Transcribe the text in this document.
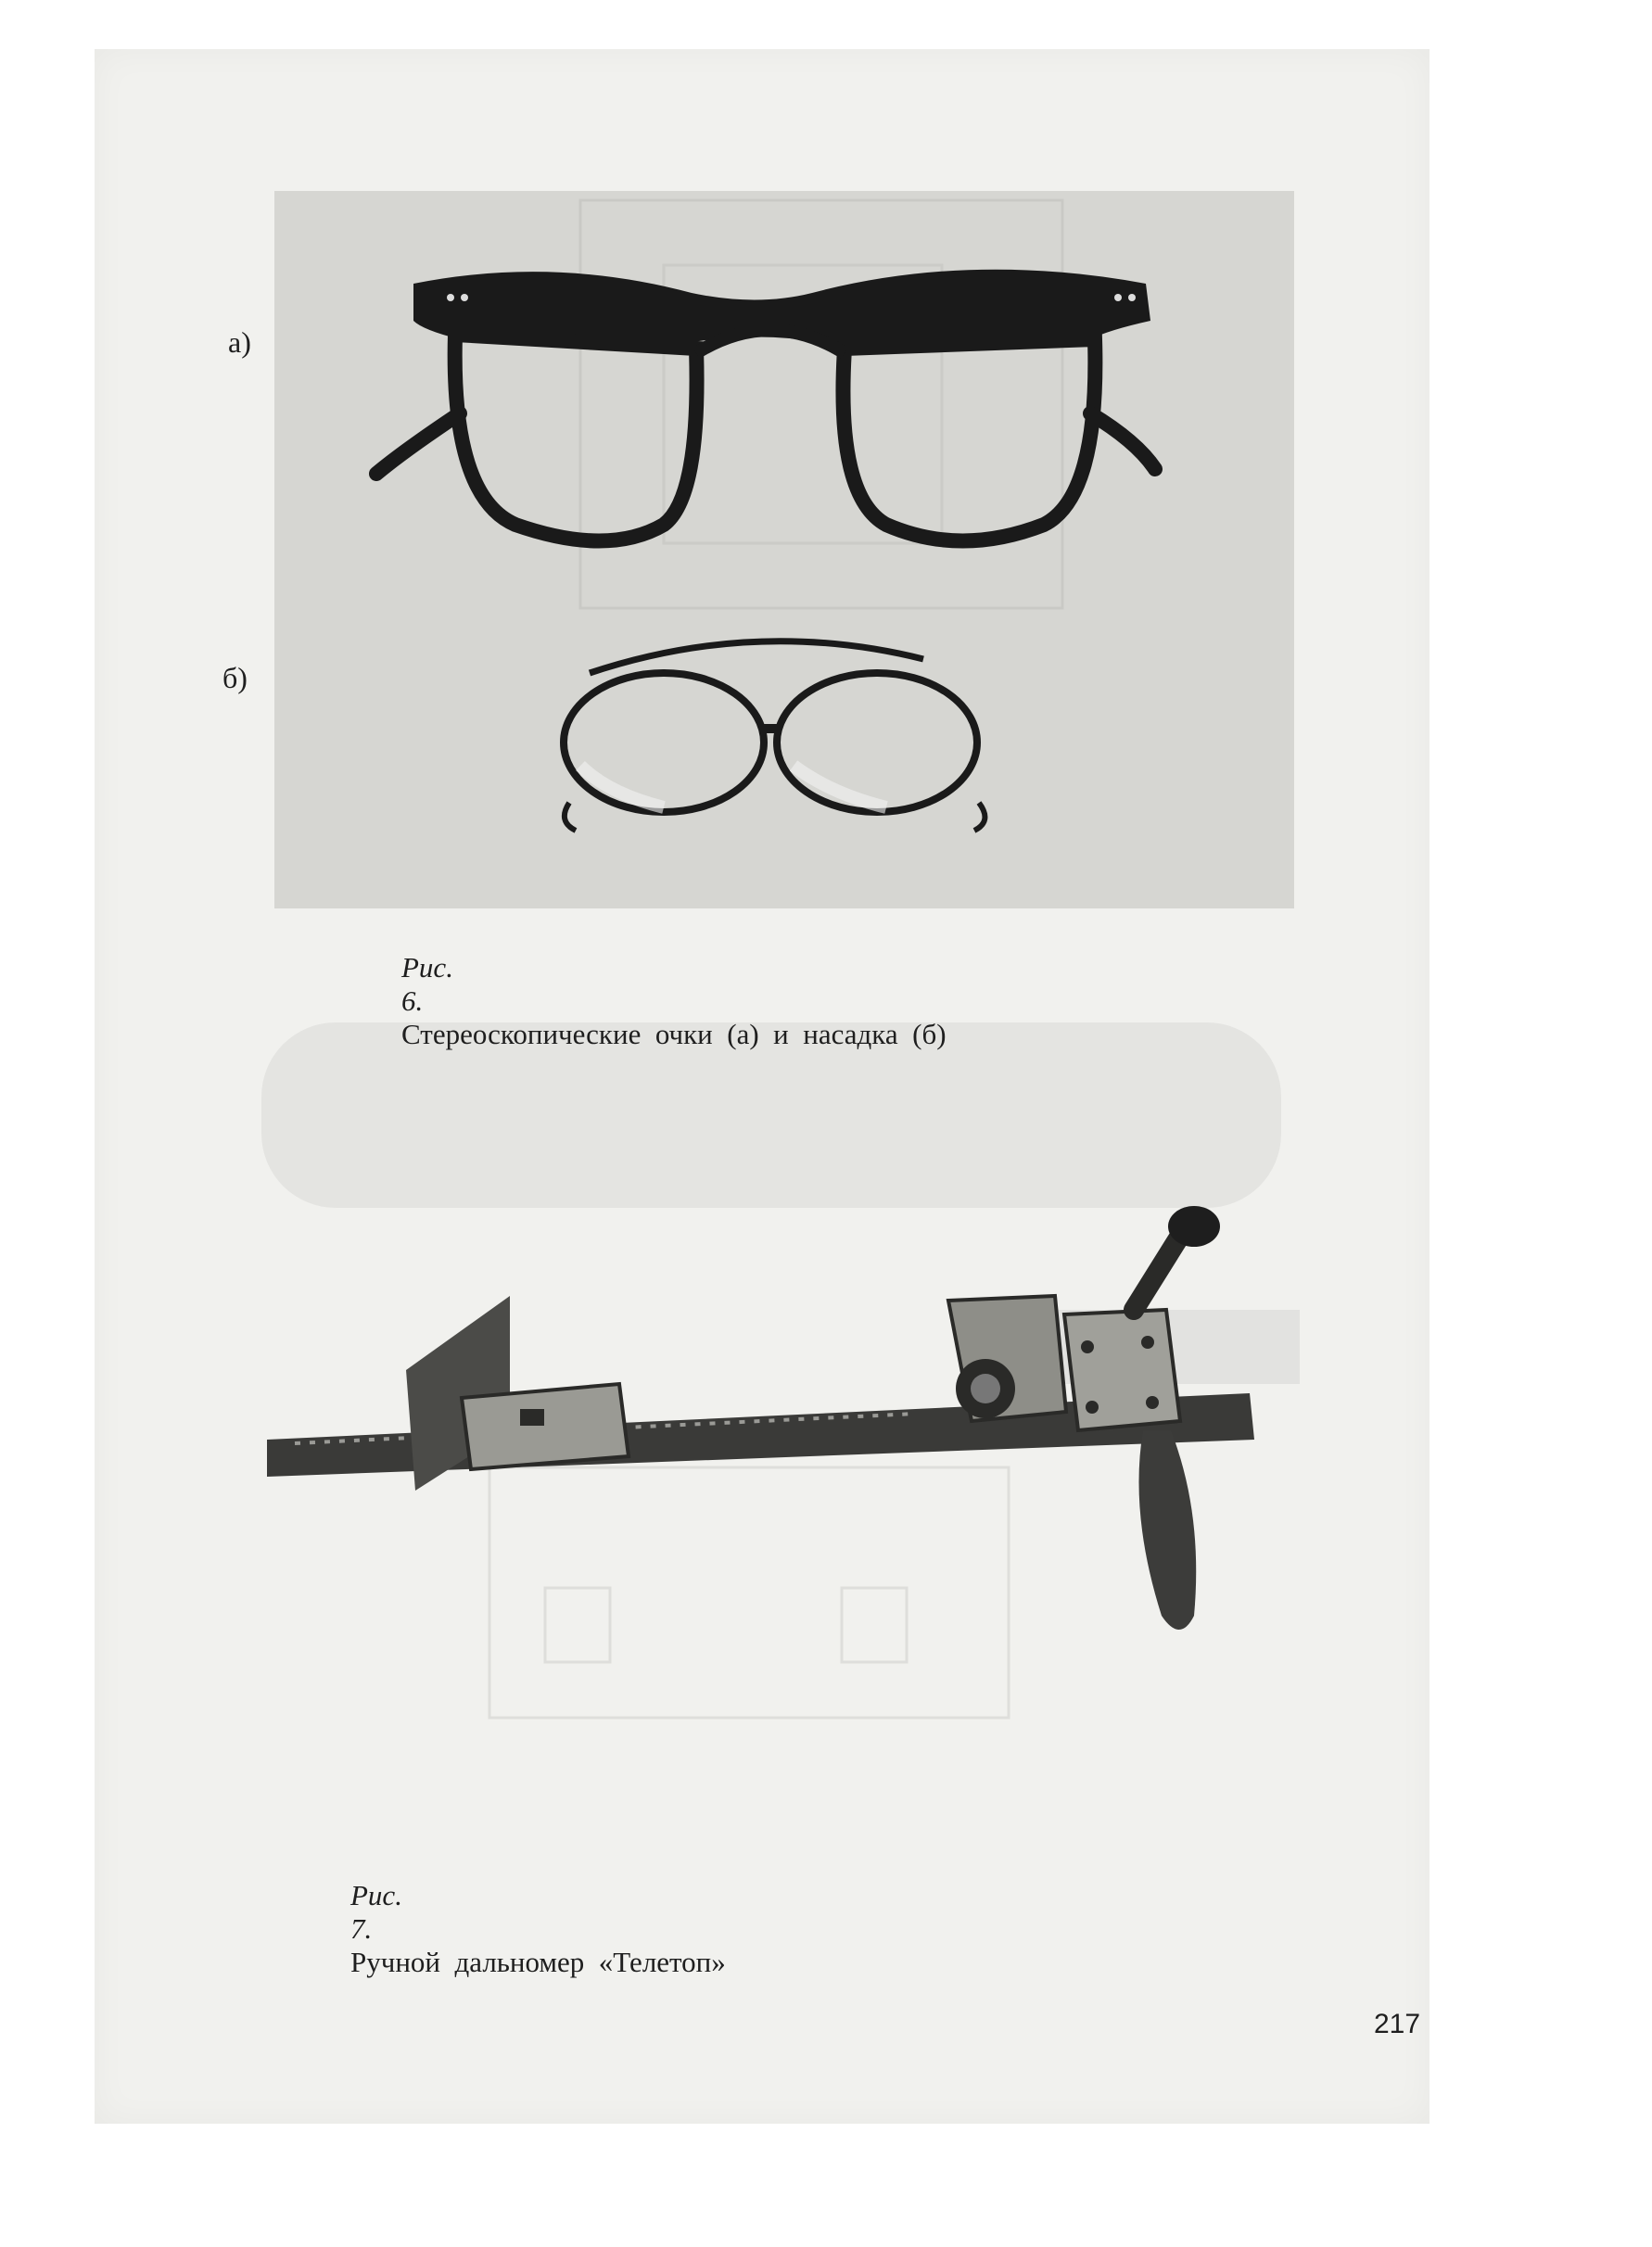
а)
б)

Рис.
6.
Стереоскопические  очки  (а)  и  насадка  (б)

Рис.
7.
Ручной  дальномер  «Телетоп»

217
